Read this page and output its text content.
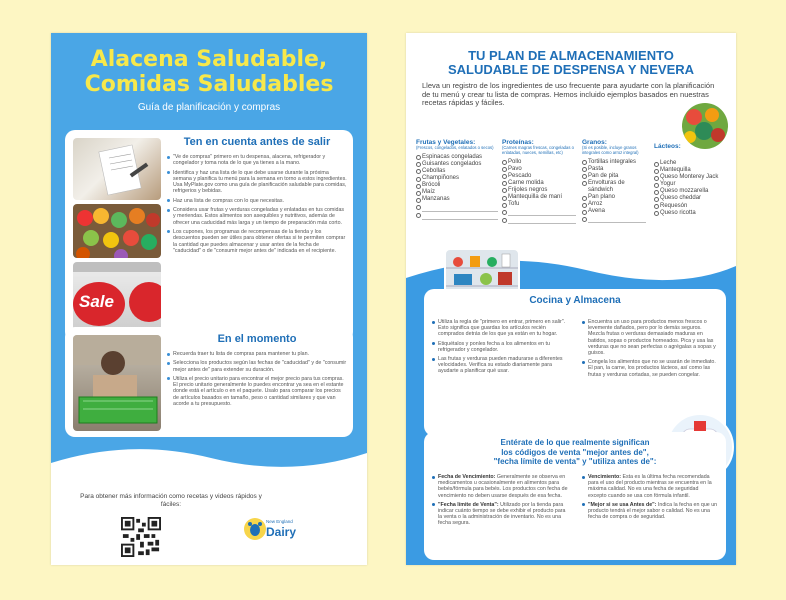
Alacena Saludable,
Comidas Saludables
Guía de planificación y compras
Sale
Ten en cuenta antes de salir
"Ve de compras" primero en tu despensa, alacena, refrigerador y congelador y toma nota de lo que ya tienes a la mano.
Identifica y haz una lista de lo que debe usarse durante la próxima semana y planifica tu menú para la semana en torno a estos ingredientes. Usa MyPlate.gov como una guía de planificación saludable para comidas, refrigerios y bebidas.
Haz una lista de compras con lo que necesitas.
Considera usar frutas y verduras congeladas y enlatadas en tus comidas y meriendas. Estos alimentos son asequibles y nutritivos, además de ofrecer una caducidad más larga y un tiempo de preparación más corto.
Los cupones, los programas de recompensas de la tienda y los descuentos pueden ser útiles para obtener ofertas si te permiten comprar la cantidad que puedes almacenar y usar antes de la fecha de "caducidad" o de "consumir mejor antes de" indicada en el recipiente.
En el momento
Recuerda traer tu lista de compras para mantener tu plan.
Selecciona los productos según las fechas de "caducidad" y de "consumir mejor antes de" para extender su duración.
Utiliza el precio unitario para encontrar el mejor precio para tus compras. El precio unitario generalmente lo puedes encontrar ya sea en el estante donde está el artículo o en el paquete. Usalo para comparar los precios de artículos basados en tamaño, peso o cantidad similares y que van acorde a tu presupuesto.
Para obtener más información como recetas y videos rápidos y fáciles:
New England
Dairy
TU PLAN DE ALMACENAMIENTO
SALUDABLE DE DESPENSA Y NEVERA
Lleva un registro de los ingredientes de uso frecuente para ayudarte con la planificación de tu menú y crear tu lista de compras. Hemos incluido ejemplos basados en nuestras recetas rápidas y fáciles.
Frutas y Vegetales:
(Frescos, congelados, enlatados o secos)
Espinacas congeladas
Guisantes congelados
Cebollas
Champiñones
Brócoli
Maíz
Manzanas
Proteínas:
(Carnes magras frescas, congeladas o enlatadas, nueces, semillas, etc)
Pollo
Pavo
Pescado
Carne molida
Frijoles negros
Mantequilla de maní
Tofu
Granos:
(Si es posible, incluye granos integrales como arroz integral)
Tortillas integrales
Pasta
Pan de pita
Envolturas de sándwich
Pan plano
Arroz
Avena
Lácteos:
Leche
Mantequilla
Queso Monterey Jack
Yogur
Queso mozzarella
Queso cheddar
Requesón
Queso ricotta
Cocina y Almacena
Utiliza la regla de "primero en entrar, primero en salir". Esto significa que guardas los artículos recién comprados detrás de los que ya están en tu hogar.
Etiquétalos y ponles fecha a los alimentos en tu refrigerador y congelador.
Las frutas y verduras pueden madurarse a diferentes velocidades. Verifica su estado diariamente para ayudarte a planificar qué usar.
Encuentra un uso para productos menos frescos o levemente dañados, pero por lo demás seguros. Mezcla frutas o verduras demasiado maduras en batidos, sopas o productos horneados. Pica y usa las verduras que no sean perfectas o agrégalas a sopas y guisos.
Congela los alimentos que no se usarán de inmediato. El pan, la carne, los productos lácteos, así como las frutas y verduras cortadas, se pueden congelar.
Entérate de lo que realmente significan
los códigos de venta "mejor antes de",
"fecha límite de venta" y "utiliza antes de":
Fecha de Vencimiento: Generalmente se observa en medicamentos u ocasionalmente en alimentos para bebés/fórmula para bebés. Los productos con fecha de vencimiento no deben usarse después de esa fecha.
"Fecha límite de Venta": Utilizado por la tienda para indicar cuánto tiempo se debe exhibir el producto para la venta o la administración de inventario. No es una fecha segura.
Vencimiento: Esta es la última fecha recomendada para el uso del producto mientras se encuentra en la máxima calidad. No es una fecha de seguridad excepto cuando se usa con fórmula infantil.
"Mejor si se usa Antes de": Indica la fecha en que un producto tendrá el mejor sabor o calidad. No es una fecha de compra o de seguridad.
